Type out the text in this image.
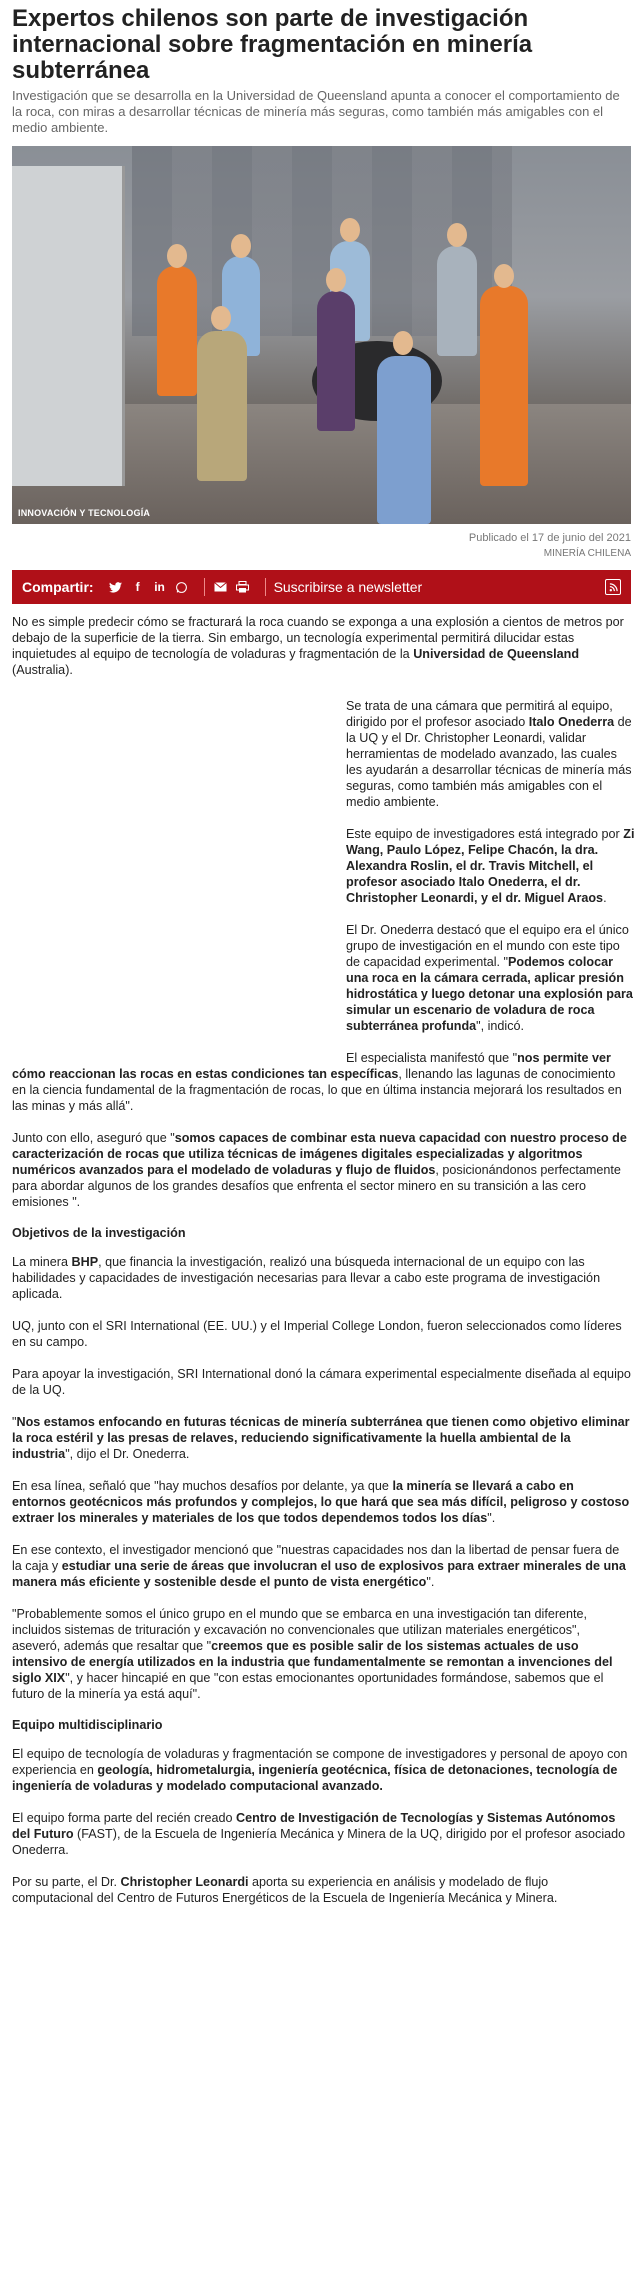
Expertos chilenos son parte de investigación internacional sobre fragmentación en minería subterránea
Investigación que se desarrolla en la Universidad de Queensland apunta a conocer el comportamiento de la roca, con miras a desarrollar técnicas de minería más seguras, como también más amigables con el medio ambiente.
INNOVACIÓN Y TECNOLOGÍA
Publicado el 17 de junio del 2021
MINERÍA CHILENA
Compartir:	f	in	Suscribirse a newsletter

No es simple predecir cómo se fracturará la roca cuando se exponga a una explosión a cientos de metros por debajo de la superficie de la tierra. Sin embargo, un tecnología experimental permitirá dilucidar estas inquietudes al equipo de tecnología de voladuras y fragmentación de la Universidad de Queensland (Australia).

Se trata de una cámara que permitirá al equipo, dirigido por el profesor asociado Italo Onederra de la UQ y el Dr. Christopher Leonardi, validar herramientas de modelado avanzado, las cuales les ayudarán a desarrollar técnicas de minería más seguras, como también más amigables con el medio ambiente.

Este equipo de investigadores está integrado por Zi Wang, Paulo López, Felipe Chacón, la dra. Alexandra Roslin, el dr. Travis Mitchell, el profesor asociado Italo Onederra, el dr. Christopher Leonardi, y el dr. Miguel Araos.

El Dr. Onederra destacó que el equipo era el único grupo de investigación en el mundo con este tipo de capacidad experimental. "Podemos colocar una roca en la cámara cerrada, aplicar presión hidrostática y luego detonar una explosión para simular un escenario de voladura de roca subterránea profunda", indicó.

El especialista manifestó que "nos permite ver cómo reaccionan las rocas en estas condiciones tan específicas, llenando las lagunas de conocimiento en la ciencia fundamental de la fragmentación de rocas, lo que en última instancia mejorará los resultados en las minas y más allá".

Junto con ello, aseguró que "somos capaces de combinar esta nueva capacidad con nuestro proceso de caracterización de rocas que utiliza técnicas de imágenes digitales especializadas y algoritmos numéricos avanzados para el modelado de voladuras y flujo de fluidos, posicionándonos perfectamente para abordar algunos de los grandes desafíos que enfrenta el sector minero en su transición a las cero emisiones ".

Objetivos de la investigación

La minera BHP, que financia la investigación, realizó una búsqueda internacional de un equipo con las habilidades y capacidades de investigación necesarias para llevar a cabo este programa de investigación aplicada.

UQ, junto con el SRI International (EE. UU.) y el Imperial College London, fueron seleccionados como líderes en su campo.

Para apoyar la investigación, SRI International donó la cámara experimental especialmente diseñada al equipo de la UQ.

"Nos estamos enfocando en futuras técnicas de minería subterránea que tienen como objetivo eliminar la roca estéril y las presas de relaves, reduciendo significativamente la huella ambiental de la industria", dijo el Dr. Onederra.

En esa línea, señaló que "hay muchos desafíos por delante, ya que la minería se llevará a cabo en entornos geotécnicos más profundos y complejos, lo que hará que sea más difícil, peligroso y costoso extraer los minerales y materiales de los que todos dependemos todos los días".

En ese contexto, el investigador mencionó que "nuestras capacidades nos dan la libertad de pensar fuera de la caja y estudiar una serie de áreas que involucran el uso de explosivos para extraer minerales de una manera más eficiente y sostenible desde el punto de vista energético".

"Probablemente somos el único grupo en el mundo que se embarca en una investigación tan diferente, incluidos sistemas de trituración y excavación no convencionales que utilizan materiales energéticos", aseveró, además que resaltar que "creemos que es posible salir de los sistemas actuales de uso intensivo de energía utilizados en la industria que fundamentalmente se remontan a invenciones del siglo XIX", y hacer hincapié en que "con estas emocionantes oportunidades formándose, sabemos que el futuro de la minería ya está aquí".

Equipo multidisciplinario

El equipo de tecnología de voladuras y fragmentación se compone de investigadores y personal de apoyo con experiencia en geología, hidrometalurgia, ingeniería geotécnica, física de detonaciones, tecnología de ingeniería de voladuras y modelado computacional avanzado.

El equipo forma parte del recién creado Centro de Investigación de Tecnologías y Sistemas Autónomos del Futuro (FAST), de la Escuela de Ingeniería Mecánica y Minera de la UQ, dirigido por el profesor asociado Onederra.

Por su parte, el Dr. Christopher Leonardi aporta su experiencia en análisis y modelado de flujo computacional del Centro de Futuros Energéticos de la Escuela de Ingeniería Mecánica y Minera.
